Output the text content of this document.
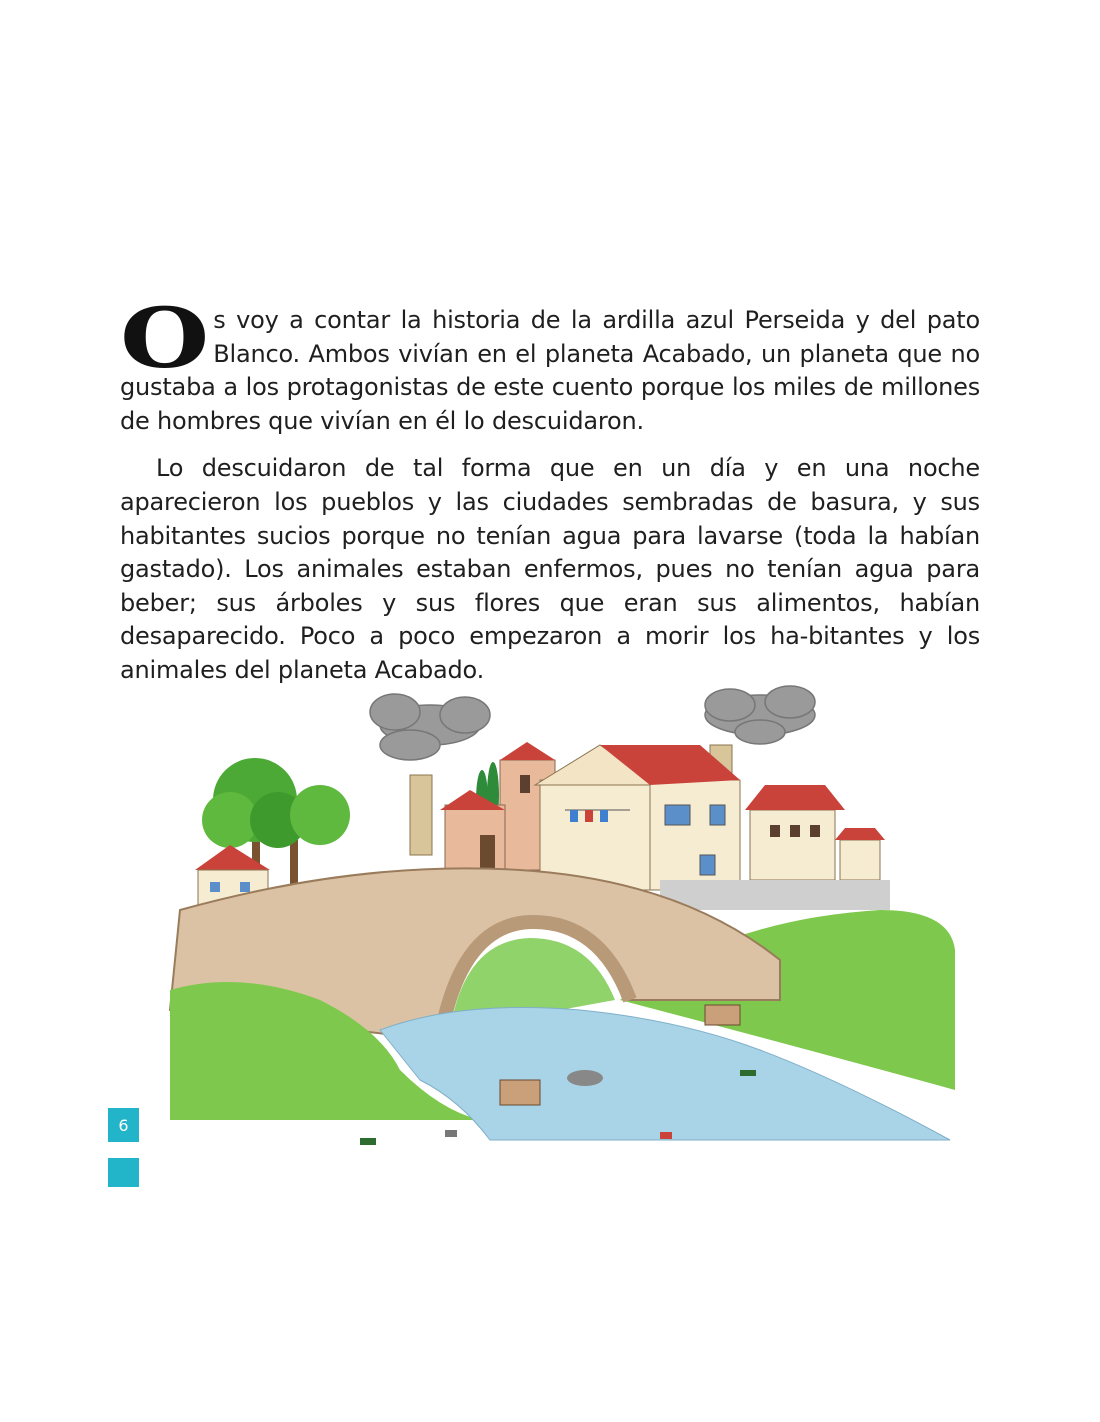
Os voy a contar la historia de la ardilla azul Perseida y del pato Blanco. Ambos vivían en el planeta Acabado, un planeta que no gustaba a los protagonistas de este cuento porque los miles de millones de hombres que vivían en él lo descuidaron.

Lo descuidaron de tal forma que en un día y en una noche aparecieron los pueblos y las ciudades sembradas de basura, y sus habitantes sucios porque no tenían agua para lavarse (toda la habían gastado). Los animales estaban enfermos, pues no tenían agua para beber; sus árboles y sus flores que eran sus alimentos, habían desaparecido. Poco a poco empezaron a morir los ha-bitantes y los animales del planeta Acabado.

6
